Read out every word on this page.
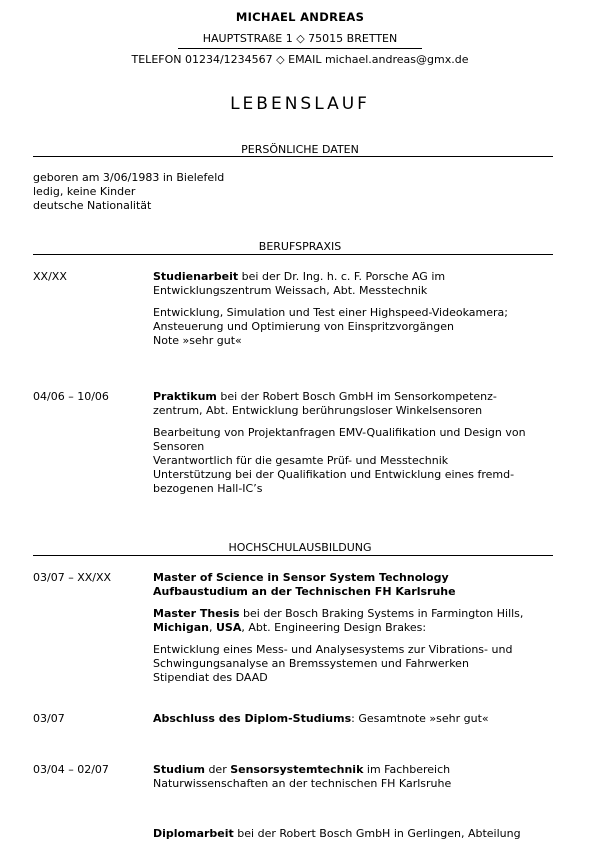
MICHAEL ANDREAS
HAUPTSTRAßE 1 ◇ 75015 BRETTEN
TELEFON 01234/1234567 ◇ EMAIL michael.andreas@gmx.de
LEBENSLAUF
PERSÖNLICHE DATEN
geboren am 3/06/1983 in Bielefeld
ledig, keine Kinder
deutsche Nationalität
BERUFSPRAXIS
XX/XX	Studienarbeit bei der Dr. Ing. h. c. F. Porsche AG im
Entwicklungszentrum Weissach, Abt. Messtechnik
Entwicklung, Simulation und Test einer Highspeed-Videokamera;
Ansteuerung und Optimierung von Einspritzvorgängen
Note »sehr gut«
04/06 – 10/06	Praktikum bei der Robert Bosch GmbH im Sensorkompetenz-
zentrum, Abt. Entwicklung berührungsloser Winkelsensoren
Bearbeitung von Projektanfragen EMV-Qualifikation und Design von
Sensoren
Verantwortlich für die gesamte Prüf- und Messtechnik
Unterstützung bei der Qualifikation und Entwicklung eines fremd-
bezogenen Hall-IC’s
HOCHSCHULAUSBILDUNG
03/07 – XX/XX	Master of Science in Sensor System Technology
Aufbaustudium an der Technischen FH Karlsruhe
Master Thesis bei der Bosch Braking Systems in Farmington Hills,
Michigan, USA, Abt. Engineering Design Brakes:
Entwicklung eines Mess- und Analysesystems zur Vibrations- und
Schwingungsanalyse an Bremssystemen und Fahrwerken
Stipendiat des DAAD
03/07	Abschluss des Diplom-Studiums: Gesamtnote »sehr gut«
03/04 – 02/07	Studium der Sensorsystemtechnik im Fachbereich
Naturwissenschaften an der technischen FH Karlsruhe
Diplomarbeit bei der Robert Bosch GmbH in Gerlingen, Abteilung
